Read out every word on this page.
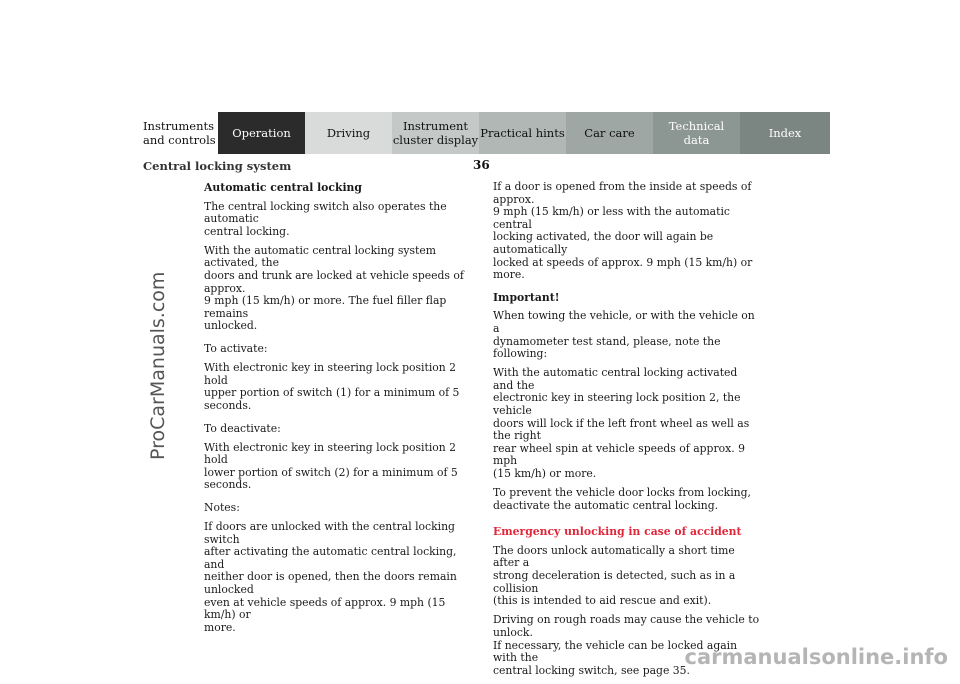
Instruments
and controls Operation	Driving	Instrument
cluster display Practical hints Car care	Technical
data	Index
Central locking system	36
ProCarManuals.com
carmanualsonline.info
Automatic central locking

The central locking switch also operates the automatic
central locking.

With the automatic central locking system activated, the
doors and trunk are locked at vehicle speeds of approx.
9 mph (15 km/h) or more. The fuel filler flap remains
unlocked.

To activate:

With electronic key in steering lock position 2 hold
upper portion of switch (1) for a minimum of 5 seconds.

To deactivate:

With electronic key in steering lock position 2 hold
lower portion of switch (2) for a minimum of 5 seconds.

Notes:

If doors are unlocked with the central locking switch
after activating the automatic central locking, and
neither door is opened, then the doors remain unlocked
even at vehicle speeds of approx. 9 mph (15 km/h) or
more.

If a door is opened from the inside at speeds of approx.
9 mph (15 km/h) or less with the automatic central
locking activated, the door will again be automatically
locked at speeds of approx. 9 mph (15 km/h) or more.

Important!

When towing the vehicle, or with the vehicle on a
dynamometer test stand, please, note the following:

With the automatic central locking activated and the
electronic key in steering lock position 2, the vehicle
doors will lock if the left front wheel as well as the right
rear wheel spin at vehicle speeds of approx. 9 mph
(15 km/h) or more.

To prevent the vehicle door locks from locking,
deactivate the automatic central locking.

Emergency unlocking in case of accident

The doors unlock automatically a short time after a
strong deceleration is detected, such as in a collision
(this is intended to aid rescue and exit).

Driving on rough roads may cause the vehicle to unlock.
If necessary, the vehicle can be locked again with the
central locking switch, see page 35.
